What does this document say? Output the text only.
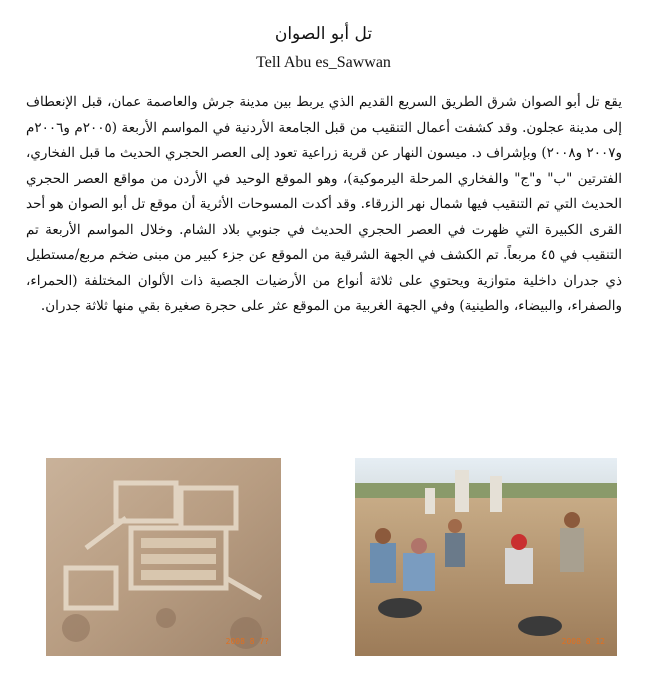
تل أبو الصوان
Tell Abu es_Sawwan

يقع تل أبو الصوان شرق الطريق السريع القديم الذي يربط بين مدينة جرش والعاصمة عمان، قبل الإنعطاف إلى مدينة عجلون. وقد كشفت أعمال التنقيب من قبل الجامعة الأردنية في المواسم الأربعة (٢٠٠٥م و٢٠٠٦م و٢٠٠٧ و٢٠٠٨) وبإشراف د. ميسون النهار عن قرية زراعية تعود إلى العصر الحجري الحديث ما قبل الفخاري، الفترتين "ب" و"ج" والفخاري المرحلة اليرموكية)، وهو الموقع الوحيد في الأردن من مواقع العصر الحجري الحديث التي تم التنقيب فيها شمال نهر الزرقاء. وقد أكدت المسوحات الأثرية أن موقع تل أبو الصوان هو أحد القرى الكبيرة التي ظهرت في العصر الحجري الحديث في جنوبي بلاد الشام. وخلال المواسم الأربعة تم التنقيب في ٤٥ مربعاً. تم الكشف في الجهة الشرقية من الموقع عن جزء كبير من مبنى ضخم مربع/مستطيل ذي جدران داخلية متوازية ويحتوي على ثلاثة أنواع من الأرضيات الجصية ذات الألوان المختلفة (الحمراء، والصفراء، والبيضاء، والطينية) وفي الجهة الغربية من الموقع عثر على حجرة صغيرة بقي منها ثلاثة جدران.

2008 8 7?	2008 8 12
